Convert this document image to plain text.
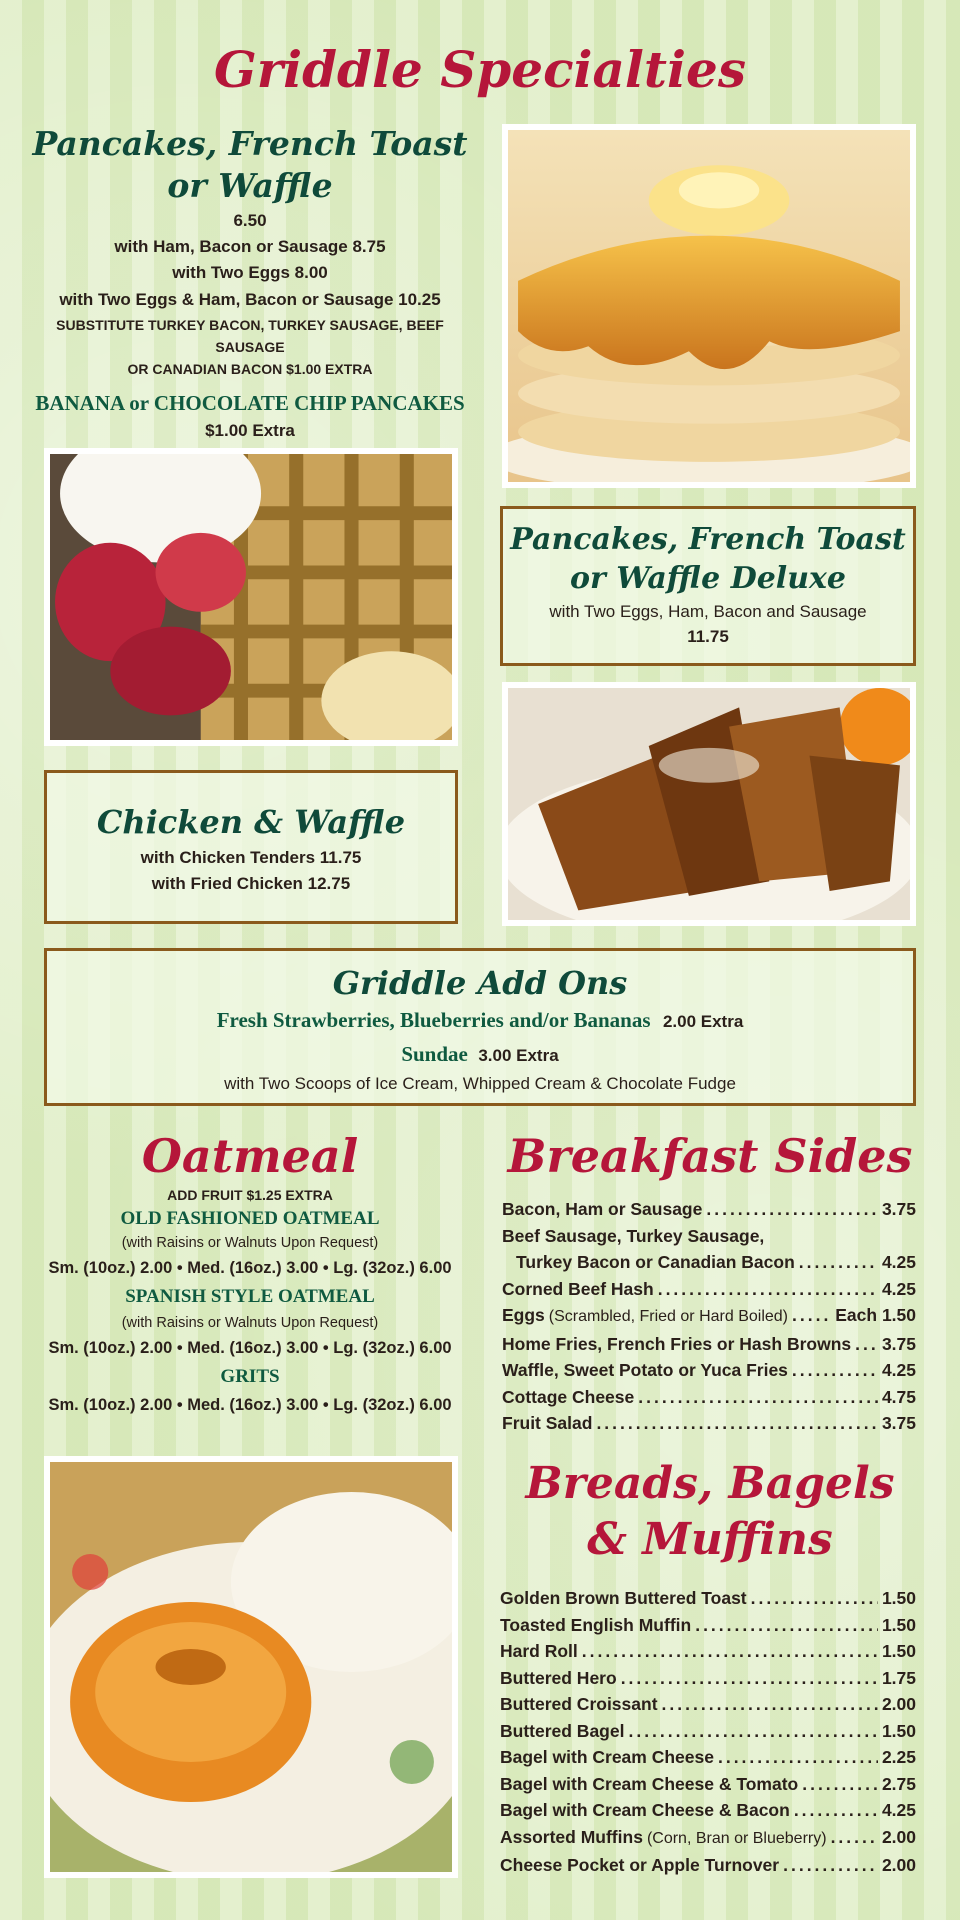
Griddle Specialties
Pancakes, French Toast
or Waffle
6.50
with Ham, Bacon or Sausage 8.75
with Two Eggs 8.00
with Two Eggs & Ham, Bacon or Sausage 10.25
SUBSTITUTE TURKEY BACON, TURKEY SAUSAGE, BEEF SAUSAGE
OR CANADIAN BACON $1.00 EXTRA
BANANA or CHOCOLATE CHIP PANCAKES
$1.00 Extra
Pancakes, French Toast
or Waffle Deluxe
with Two Eggs, Ham, Bacon and Sausage
11.75
Chicken & Waffle
with Chicken Tenders 11.75
with Fried Chicken 12.75
Griddle Add Ons
Fresh Strawberries, Blueberries and/or Bananas 2.00 Extra
Sundae 3.00 Extra
with Two Scoops of Ice Cream, Whipped Cream & Chocolate Fudge
Oatmeal
ADD FRUIT $1.25 EXTRA
OLD FASHIONED OATMEAL
(with Raisins or Walnuts Upon Request)
Sm. (10oz.) 2.00 • Med. (16oz.) 3.00 • Lg. (32oz.) 6.00
SPANISH STYLE OATMEAL
(with Raisins or Walnuts Upon Request)
Sm. (10oz.) 2.00 • Med. (16oz.) 3.00 • Lg. (32oz.) 6.00
GRITS
Sm. (10oz.) 2.00 • Med. (16oz.) 3.00 • Lg. (32oz.) 6.00
Breakfast Sides
Bacon, Ham or Sausage .....	3.75
Beef Sausage, Turkey Sausage,
Turkey Bacon or Canadian Bacon .....	4.25
Corned Beef Hash .....	4.25
Eggs (Scrambled, Fried or Hard Boiled) .....	Each 1.50
Home Fries, French Fries or Hash Browns ..... 3.75
Waffle, Sweet Potato or Yuca Fries .....	4.25
Cottage Cheese .....	4.75
Fruit Salad .....	3.75
Breads, Bagels
& Muffins
Golden Brown Buttered Toast .....	1.50
Toasted English Muffin .....	1.50
Hard Roll .....	1.50
Buttered Hero .....	1.75
Buttered Croissant .....	2.00
Buttered Bagel .....	1.50
Bagel with Cream Cheese .....	2.25
Bagel with Cream Cheese & Tomato .....	2.75
Bagel with Cream Cheese & Bacon .....	4.25
Assorted Muffins (Corn, Bran or Blueberry) .....	2.00
Cheese Pocket or Apple Turnover .....	2.00
